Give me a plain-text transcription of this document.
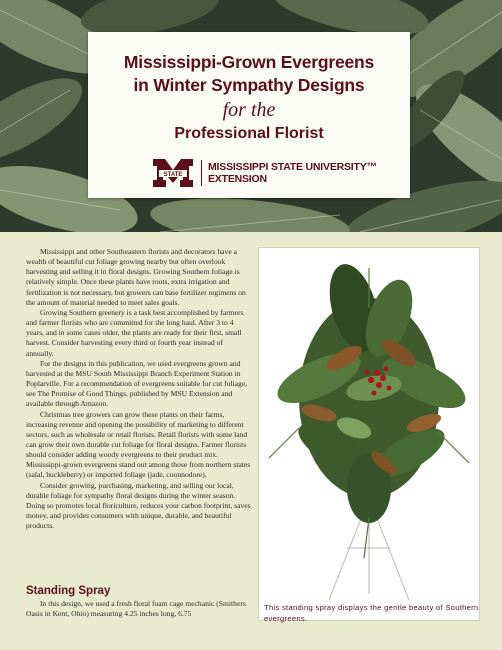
Mississippi-Grown Evergreens
in Winter Sympathy Designs
for the
Professional Florist
STATE
MISSISSIPPI STATE UNIVERSITY™
EXTENSION

Mississippi and other Southeastern florists and decorators have a wealth of beautiful cut foliage growing nearby but often overlook harvesting and selling it in floral designs. Growing Southern foliage is relatively simple. Once these plants have roots, extra irrigation and fertilization is not necessary, but growers can base fertilizer regimens on the amount of material needed to meet sales goals.

Growing Southern greenery is a task best accomplished by farmers and farmer florists who are committed for the long haul. After 3 to 4 years, and in some cases older, the plants are ready for their first, small harvest. Consider harvesting every third or fourth year instead of annually.

For the designs in this publication, we used evergreens grown and harvested at the MSU South Mississippi Branch Experiment Station in Poplarville. For a recommendation of evergreens suitable for cut foliage, see The Promise of Good Things, published by MSU Extension and available through Amazon.

Christmas tree growers can grow these plants on their farms, increasing revenue and opening the possibility of marketing to different sectors, such as wholesale or retail florists. Retail florists with some land can grow their own durable cut foliage for floral designs. Farmer florists should consider adding woody evergreens to their product mix. Mississippi-grown evergreens stand out among those from northern states (salal, huckleberry) or imported foliage (jade, coonnodore).

Consider growing, purchasing, marketing, and selling our local, durable foliage for sympathy floral designs during the winter season. Doing so promotes local floriculture, reduces your carbon footprint, saves money, and provides consumers with unique, durable, and beautiful products.

Standing Spray

In this design, we used a fresh floral foam cage mechanic (Smithers Oasis in Kent, Ohio) measuring 4.25 inches long, 6.75

This standing spray displays the gentle beauty of Southern evergreens.
